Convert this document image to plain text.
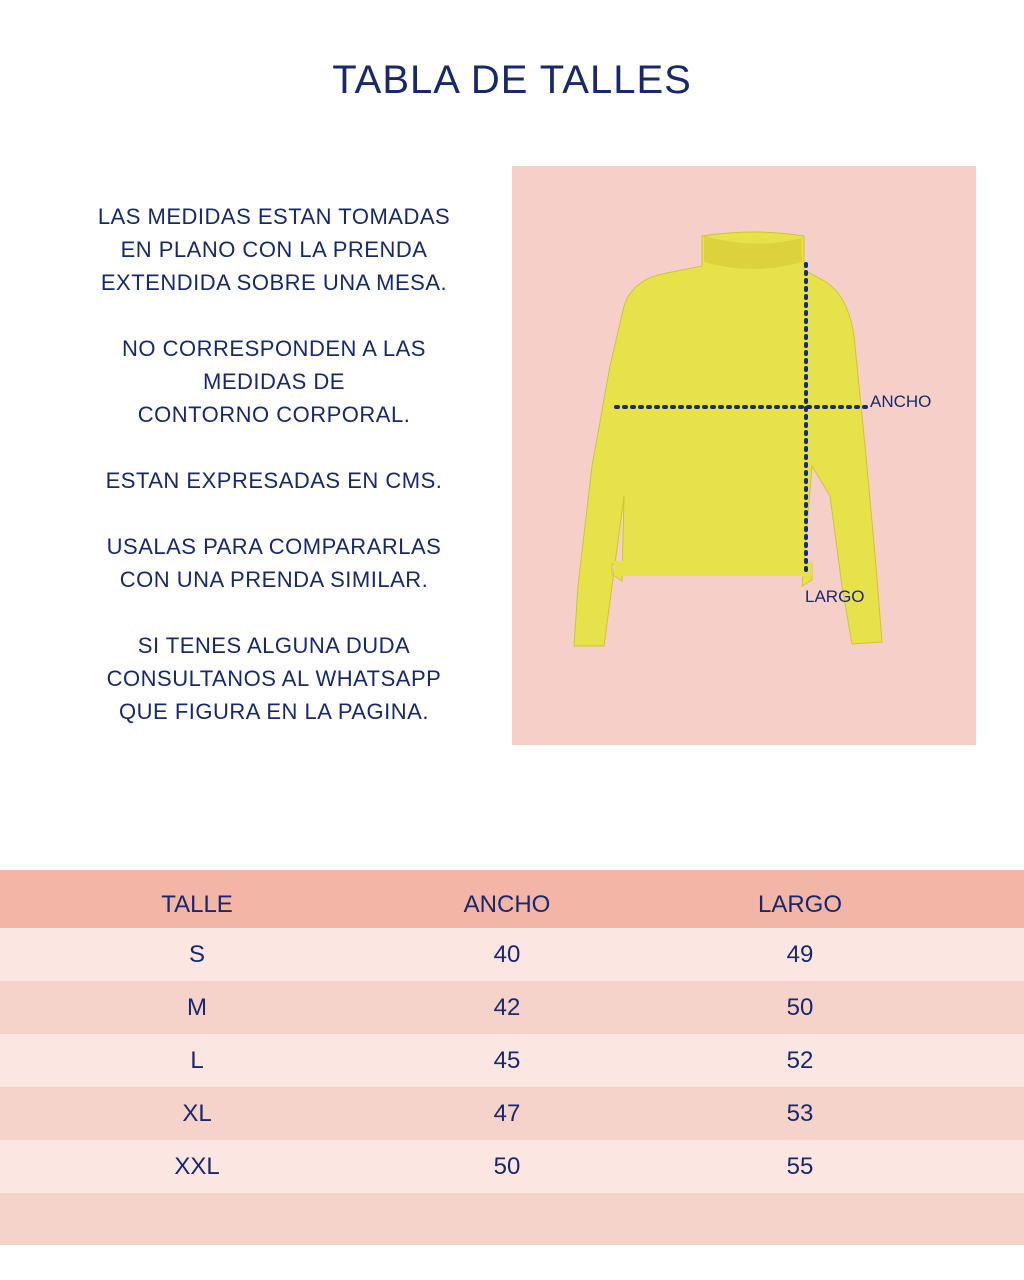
TABLA DE TALLES

LAS MEDIDAS ESTAN TOMADAS
EN PLANO CON LA PRENDA
EXTENDIDA SOBRE UNA MESA.

NO CORRESPONDEN A LAS
MEDIDAS DE
CONTORNO CORPORAL.

ESTAN EXPRESADAS EN CMS.

USALAS PARA COMPARARLAS
CON UNA PRENDA SIMILAR.

SI TENES ALGUNA DUDA
CONSULTANOS AL WHATSAPP
QUE FIGURA EN LA PAGINA.

ANCHO
LARGO
TALLE	ANCHO	LARGO
S	40	49
M	42	50
L	45	52
XL	47	53
XXL	50	55
